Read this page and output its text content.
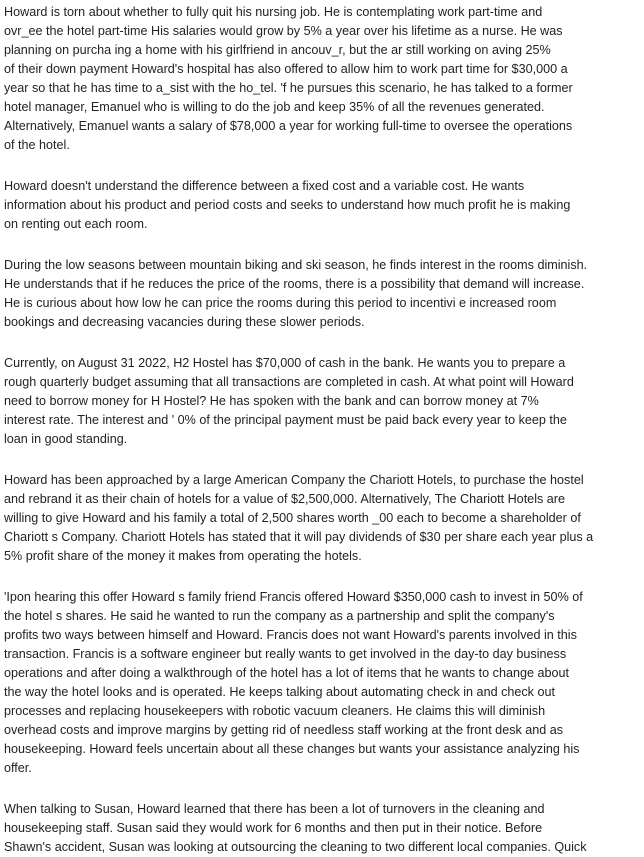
Howard is torn about whether to fully quit his nursing job. He is contemplating work part-time and
ovr_ee the hotel part-time His salaries would grow by 5% a year over his lifetime as a nurse. He was
planning on purcha ing a home with his girlfriend in ancouv_r, but the ar still working on aving 25%
of their down payment Howard's hospital has also offered to allow him to work part time for $30,000 a
year so that he has time to a_sist with the ho_tel. 'f he pursues this scenario, he has talked to a former
hotel manager, Emanuel who is willing to do the job and keep 35% of all the revenues generated.
Alternatively, Emanuel wants a salary of $78,000 a year for working full-time to oversee the operations
of the hotel.

Howard doesn't understand the difference between a fixed cost and a variable cost. He wants
information about his product and period costs and seeks to understand how much profit he is making
on renting out each room.

During the low seasons between mountain biking and ski season, he finds interest in the rooms diminish.
He understands that if he reduces the price of the rooms, there is a possibility that demand will increase.
He is curious about how low he can price the rooms during this period to incentivi e increased room
bookings and decreasing vacancies during these slower periods.

Currently, on August 31 2022, H2 Hostel has $70,000 of cash in the bank. He wants you to prepare a
rough quarterly budget assuming that all transactions are completed in cash. At what point will Howard
need to borrow money for H Hostel? He has spoken with the bank and can borrow money at 7%
interest rate. The interest and ' 0% of the principal payment must be paid back every year to keep the
loan in good standing.

Howard has been approached by a large American Company the Chariott Hotels, to purchase the hostel
and rebrand it as their chain of hotels for a value of $2,500,000. Alternatively, The Chariott Hotels are
willing to give Howard and his family a total of 2,500 shares worth _00 each to become a shareholder of
Chariott s Company. Chariott Hotels has stated that it will pay dividends of $30 per share each year plus a
5% profit share of the money it makes from operating the hotels.

'Ipon hearing this offer Howard s family friend Francis offered Howard $350,000 cash to invest in 50% of
the hotel s shares. He said he wanted to run the company as a partnership and split the company's
profits two ways between himself and Howard. Francis does not want Howard's parents involved in this
transaction. Francis is a software engineer but really wants to get involved in the day-to day business
operations and after doing a walkthrough of the hotel has a lot of items that he wants to change about
the way the hotel looks and is operated. He keeps talking about automating check in and check out
processes and replacing housekeepers with robotic vacuum cleaners. He claims this will diminish
overhead costs and improve margins by getting rid of needless staff working at the front desk and as
housekeeping. Howard feels uncertain about all these changes but wants your assistance analyzing his
offer.

When talking to Susan, Howard learned that there has been a lot of turnovers in the cleaning and
housekeeping staff. Susan said they would work for 6 months and then put in their notice. Before
Shawn's accident, Susan was looking at outsourcing the cleaning to two different local companies. Quick
